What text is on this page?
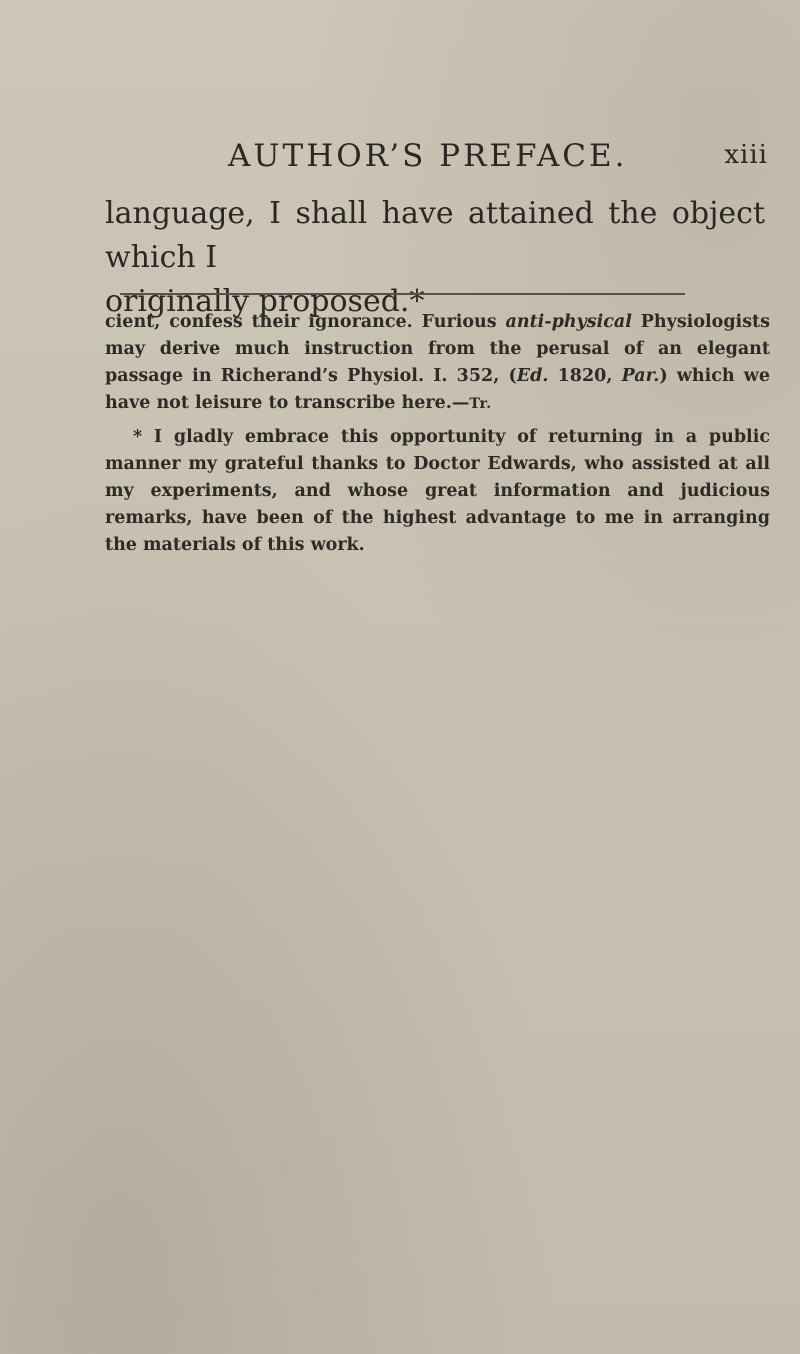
AUTHOR’S PREFACE.	xiii
language, I shall have attained the object which I
originally proposed.*

cient, confess their ignorance. Furious anti-physical Physiologists may derive much instruction from the perusal of an elegant passage in Richerand’s Physiol. I. 352, (Ed. 1820, Par.) which we have not leisure to transcribe here.—Tr.

* I gladly embrace this opportunity of returning in a public manner my grateful thanks to Doctor Edwards, who assisted at all my experiments, and whose great information and judicious remarks, have been of the highest advantage to me in arranging the materials of this work.
